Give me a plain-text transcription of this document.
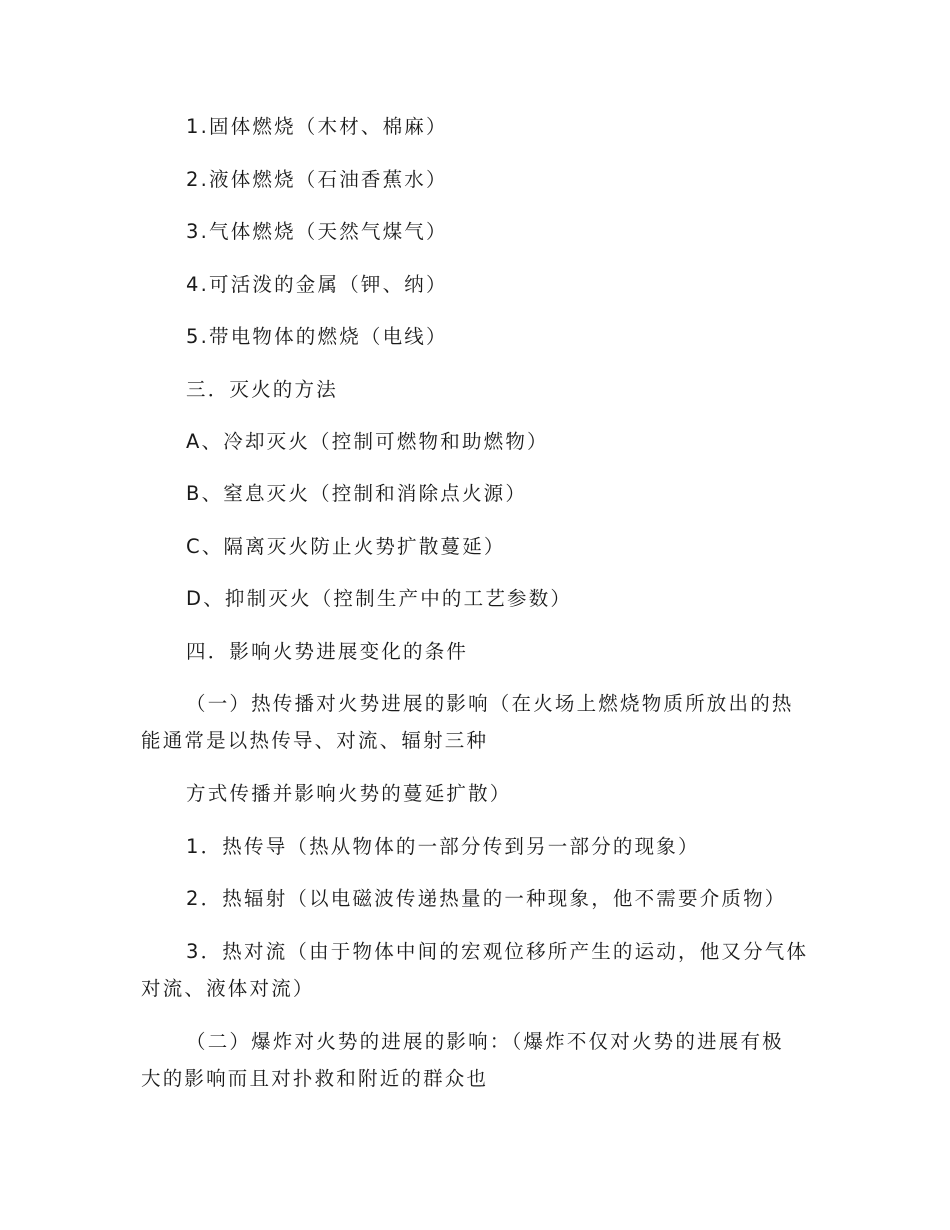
1.固体燃烧（木材、棉麻）
2.液体燃烧（石油香蕉水）
3.气体燃烧（天然气煤气）
4.可活泼的金属（钾、纳）
5.带电物体的燃烧（电线）
三．灭火的方法
A、冷却灭火（控制可燃物和助燃物）
B、窒息灭火（控制和消除点火源）
C、隔离灭火防止火势扩散蔓延）
D、抑制灭火（控制生产中的工艺参数）
四．影响火势进展变化的条件
（一）热传播对火势进展的影响（在火场上燃烧物质所放出的热
能通常是以热传导、对流、辐射三种
方式传播并影响火势的蔓延扩散）
1．热传导（热从物体的一部分传到另一部分的现象）
2．热辐射（以电磁波传递热量的一种现象，他不需要介质物）
3．热对流（由于物体中间的宏观位移所产生的运动，他又分气体
对流、液体对流）
（二）爆炸对火势的进展的影响：（爆炸不仅对火势的进展有极
大的影响而且对扑救和附近的群众也
